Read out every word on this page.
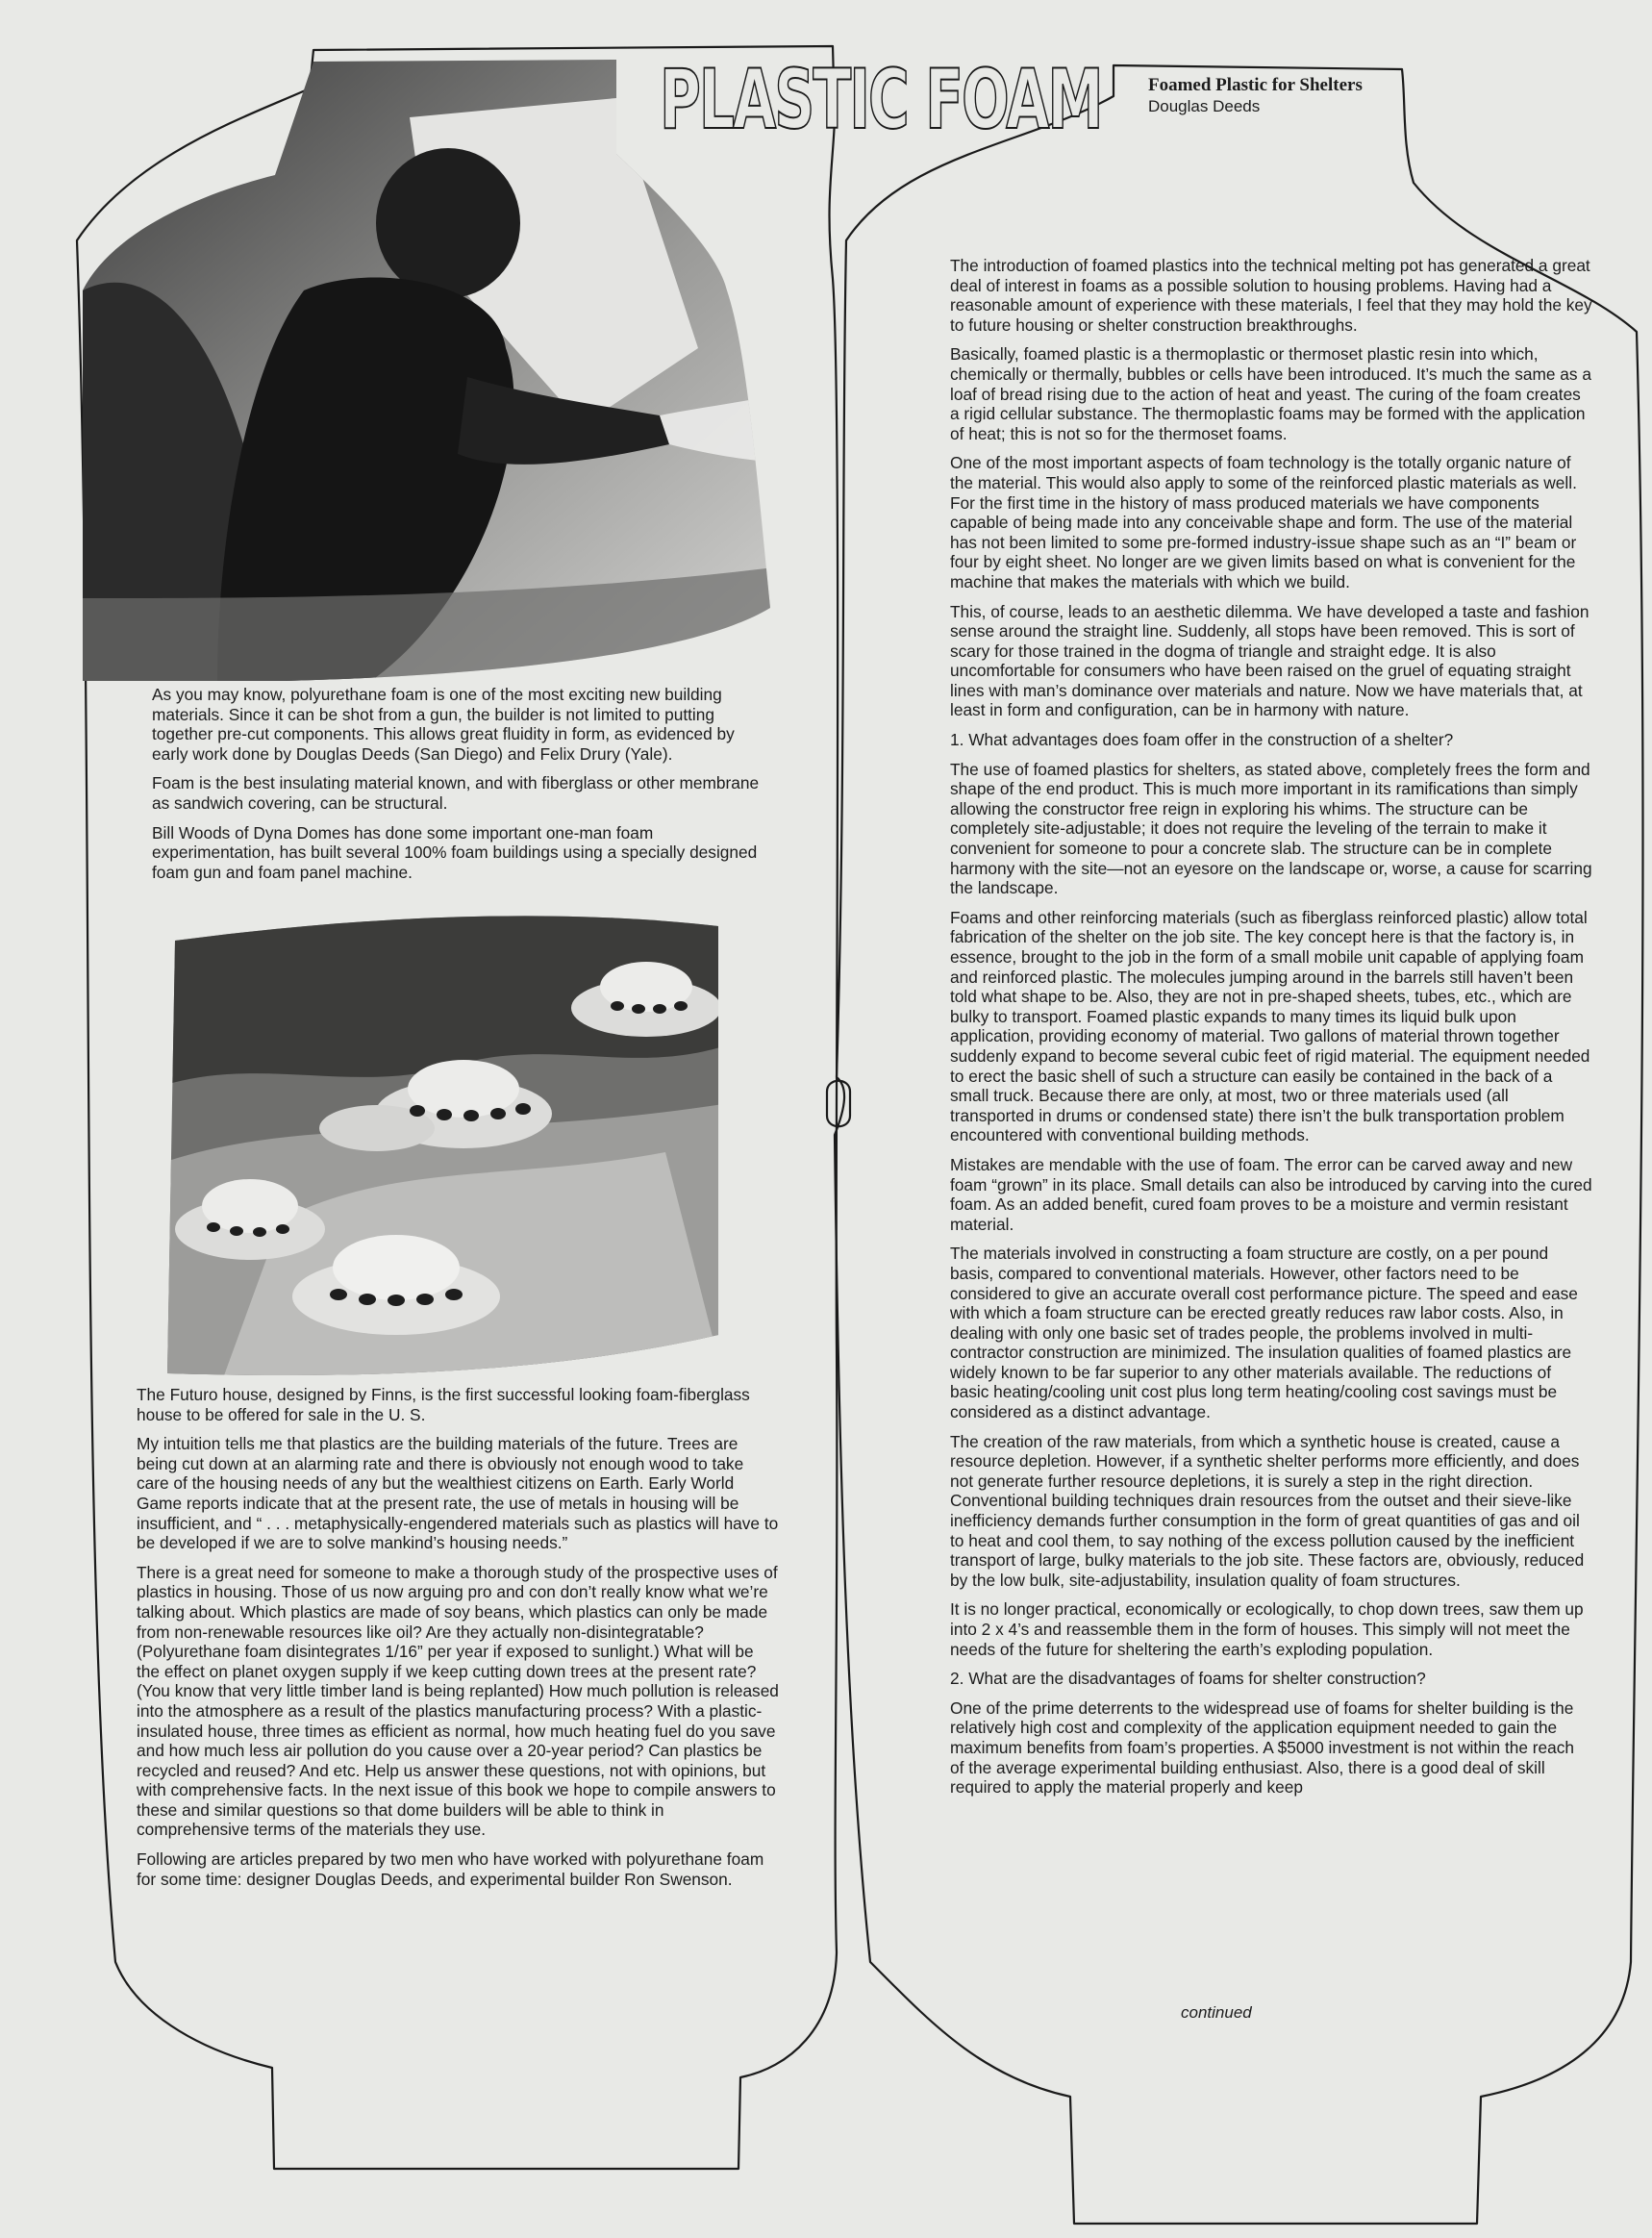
PLASTIC FOAM	Foamed Plastic for Shelters
Douglas Deeds

As you may know, polyurethane foam is one of the most exciting new building materials. Since it can be shot from a gun, the builder is not limited to putting together pre-cut components. This allows great fluidity in form, as evidenced by early work done by Douglas Deeds (San Diego) and Felix Drury (Yale).

Foam is the best insulating material known, and with fiberglass or other membrane as sandwich covering, can be structural.

Bill Woods of Dyna Domes has done some important one-man foam experimentation, has built several 100% foam buildings using a specially designed foam gun and foam panel machine.

The Futuro house, designed by Finns, is the first successful looking foam-fiberglass house to be offered for sale in the U. S.

My intuition tells me that plastics are the building materials of the future. Trees are being cut down at an alarming rate and there is obviously not enough wood to take care of the housing needs of any but the wealthiest citizens on Earth. Early World Game reports indicate that at the present rate, the use of metals in housing will be insufficient, and “ . . . metaphysically-engendered materials such as plastics will have to be developed if we are to solve mankind’s housing needs.”

There is a great need for someone to make a thorough study of the prospective uses of plastics in housing. Those of us now arguing pro and con don’t really know what we’re talking about. Which plastics are made of soy beans, which plastics can only be made from non-renewable resources like oil? Are they actually non-disintegratable? (Polyurethane foam disintegrates 1/16” per year if exposed to sunlight.) What will be the effect on planet oxygen supply if we keep cutting down trees at the present rate? (You know that very little timber land is being replanted) How much pollution is released into the atmosphere as a result of the plastics manufacturing process? With a plastic-insulated house, three times as efficient as normal, how much heating fuel do you save and how much less air pollution do you cause over a 20-year period? Can plastics be recycled and reused? And etc. Help us answer these questions, not with opinions, but with comprehensive facts. In the next issue of this book we hope to compile answers to these and similar questions so that dome builders will be able to think in comprehensive terms of the materials they use.

Following are articles prepared by two men who have worked with polyurethane foam for some time: designer Douglas Deeds, and experimental builder Ron Swenson.

The introduction of foamed plastics into the technical melting pot has generated a great deal of interest in foams as a possible solution to housing problems. Having had a reasonable amount of experience with these materials, I feel that they may hold the key to future housing or shelter construction breakthroughs.

Basically, foamed plastic is a thermoplastic or thermoset plastic resin into which, chemically or thermally, bubbles or cells have been introduced. It’s much the same as a loaf of bread rising due to the action of heat and yeast. The curing of the foam creates a rigid cellular substance. The thermoplastic foams may be formed with the application of heat; this is not so for the thermoset foams.

One of the most important aspects of foam technology is the totally organic nature of the material. This would also apply to some of the reinforced plastic materials as well. For the first time in the history of mass produced materials we have components capable of being made into any conceivable shape and form. The use of the material has not been limited to some pre-formed industry-issue shape such as an “I” beam or four by eight sheet. No longer are we given limits based on what is convenient for the machine that makes the materials with which we build.

This, of course, leads to an aesthetic dilemma. We have developed a taste and fashion sense around the straight line. Suddenly, all stops have been removed. This is sort of scary for those trained in the dogma of triangle and straight edge. It is also uncomfortable for consumers who have been raised on the gruel of equating straight lines with man’s dominance over materials and nature. Now we have materials that, at least in form and configuration, can be in harmony with nature.

1. What advantages does foam offer in the construction of a shelter?

The use of foamed plastics for shelters, as stated above, completely frees the form and shape of the end product. This is much more important in its ramifications than simply allowing the constructor free reign in exploring his whims. The structure can be completely site-adjustable; it does not require the leveling of the terrain to make it convenient for someone to pour a concrete slab. The structure can be in complete harmony with the site—not an eyesore on the landscape or, worse, a cause for scarring the landscape.

Foams and other reinforcing materials (such as fiberglass reinforced plastic) allow total fabrication of the shelter on the job site. The key concept here is that the factory is, in essence, brought to the job in the form of a small mobile unit capable of applying foam and reinforced plastic. The molecules jumping around in the barrels still haven’t been told what shape to be. Also, they are not in pre-shaped sheets, tubes, etc., which are bulky to transport. Foamed plastic expands to many times its liquid bulk upon application, providing economy of material. Two gallons of material thrown together suddenly expand to become several cubic feet of rigid material. The equipment needed to erect the basic shell of such a structure can easily be contained in the back of a small truck. Because there are only, at most, two or three materials used (all transported in drums or condensed state) there isn’t the bulk transportation problem encountered with conventional building methods.

Mistakes are mendable with the use of foam. The error can be carved away and new foam “grown” in its place. Small details can also be introduced by carving into the cured foam. As an added benefit, cured foam proves to be a moisture and vermin resistant material.

The materials involved in constructing a foam structure are costly, on a per pound basis, compared to conventional materials. However, other factors need to be considered to give an accurate overall cost performance picture. The speed and ease with which a foam structure can be erected greatly reduces raw labor costs. Also, in dealing with only one basic set of trades people, the problems involved in multi-contractor construction are minimized. The insulation qualities of foamed plastics are widely known to be far superior to any other materials available. The reductions of basic heating/cooling unit cost plus long term heating/cooling cost savings must be considered as a distinct advantage.

The creation of the raw materials, from which a synthetic house is created, cause a resource depletion. However, if a synthetic shelter performs more efficiently, and does not generate further resource depletions, it is surely a step in the right direction. Conventional building techniques drain resources from the outset and their sieve-like inefficiency demands further consumption in the form of great quantities of gas and oil to heat and cool them, to say nothing of the excess pollution caused by the inefficient transport of large, bulky materials to the job site. These factors are, obviously, reduced by the low bulk, site-adjustability, insulation quality of foam structures.

It is no longer practical, economically or ecologically, to chop down trees, saw them up into 2 x 4’s and reassemble them in the form of houses. This simply will not meet the needs of the future for sheltering the earth’s exploding population.

2. What are the disadvantages of foams for shelter construction?

One of the prime deterrents to the widespread use of foams for shelter building is the relatively high cost and complexity of the application equipment needed to gain the maximum benefits from foam’s properties. A $5000 investment is not within the reach of the average experimental building enthusiast. Also, there is a good deal of skill required to apply the material properly and keep

continued
